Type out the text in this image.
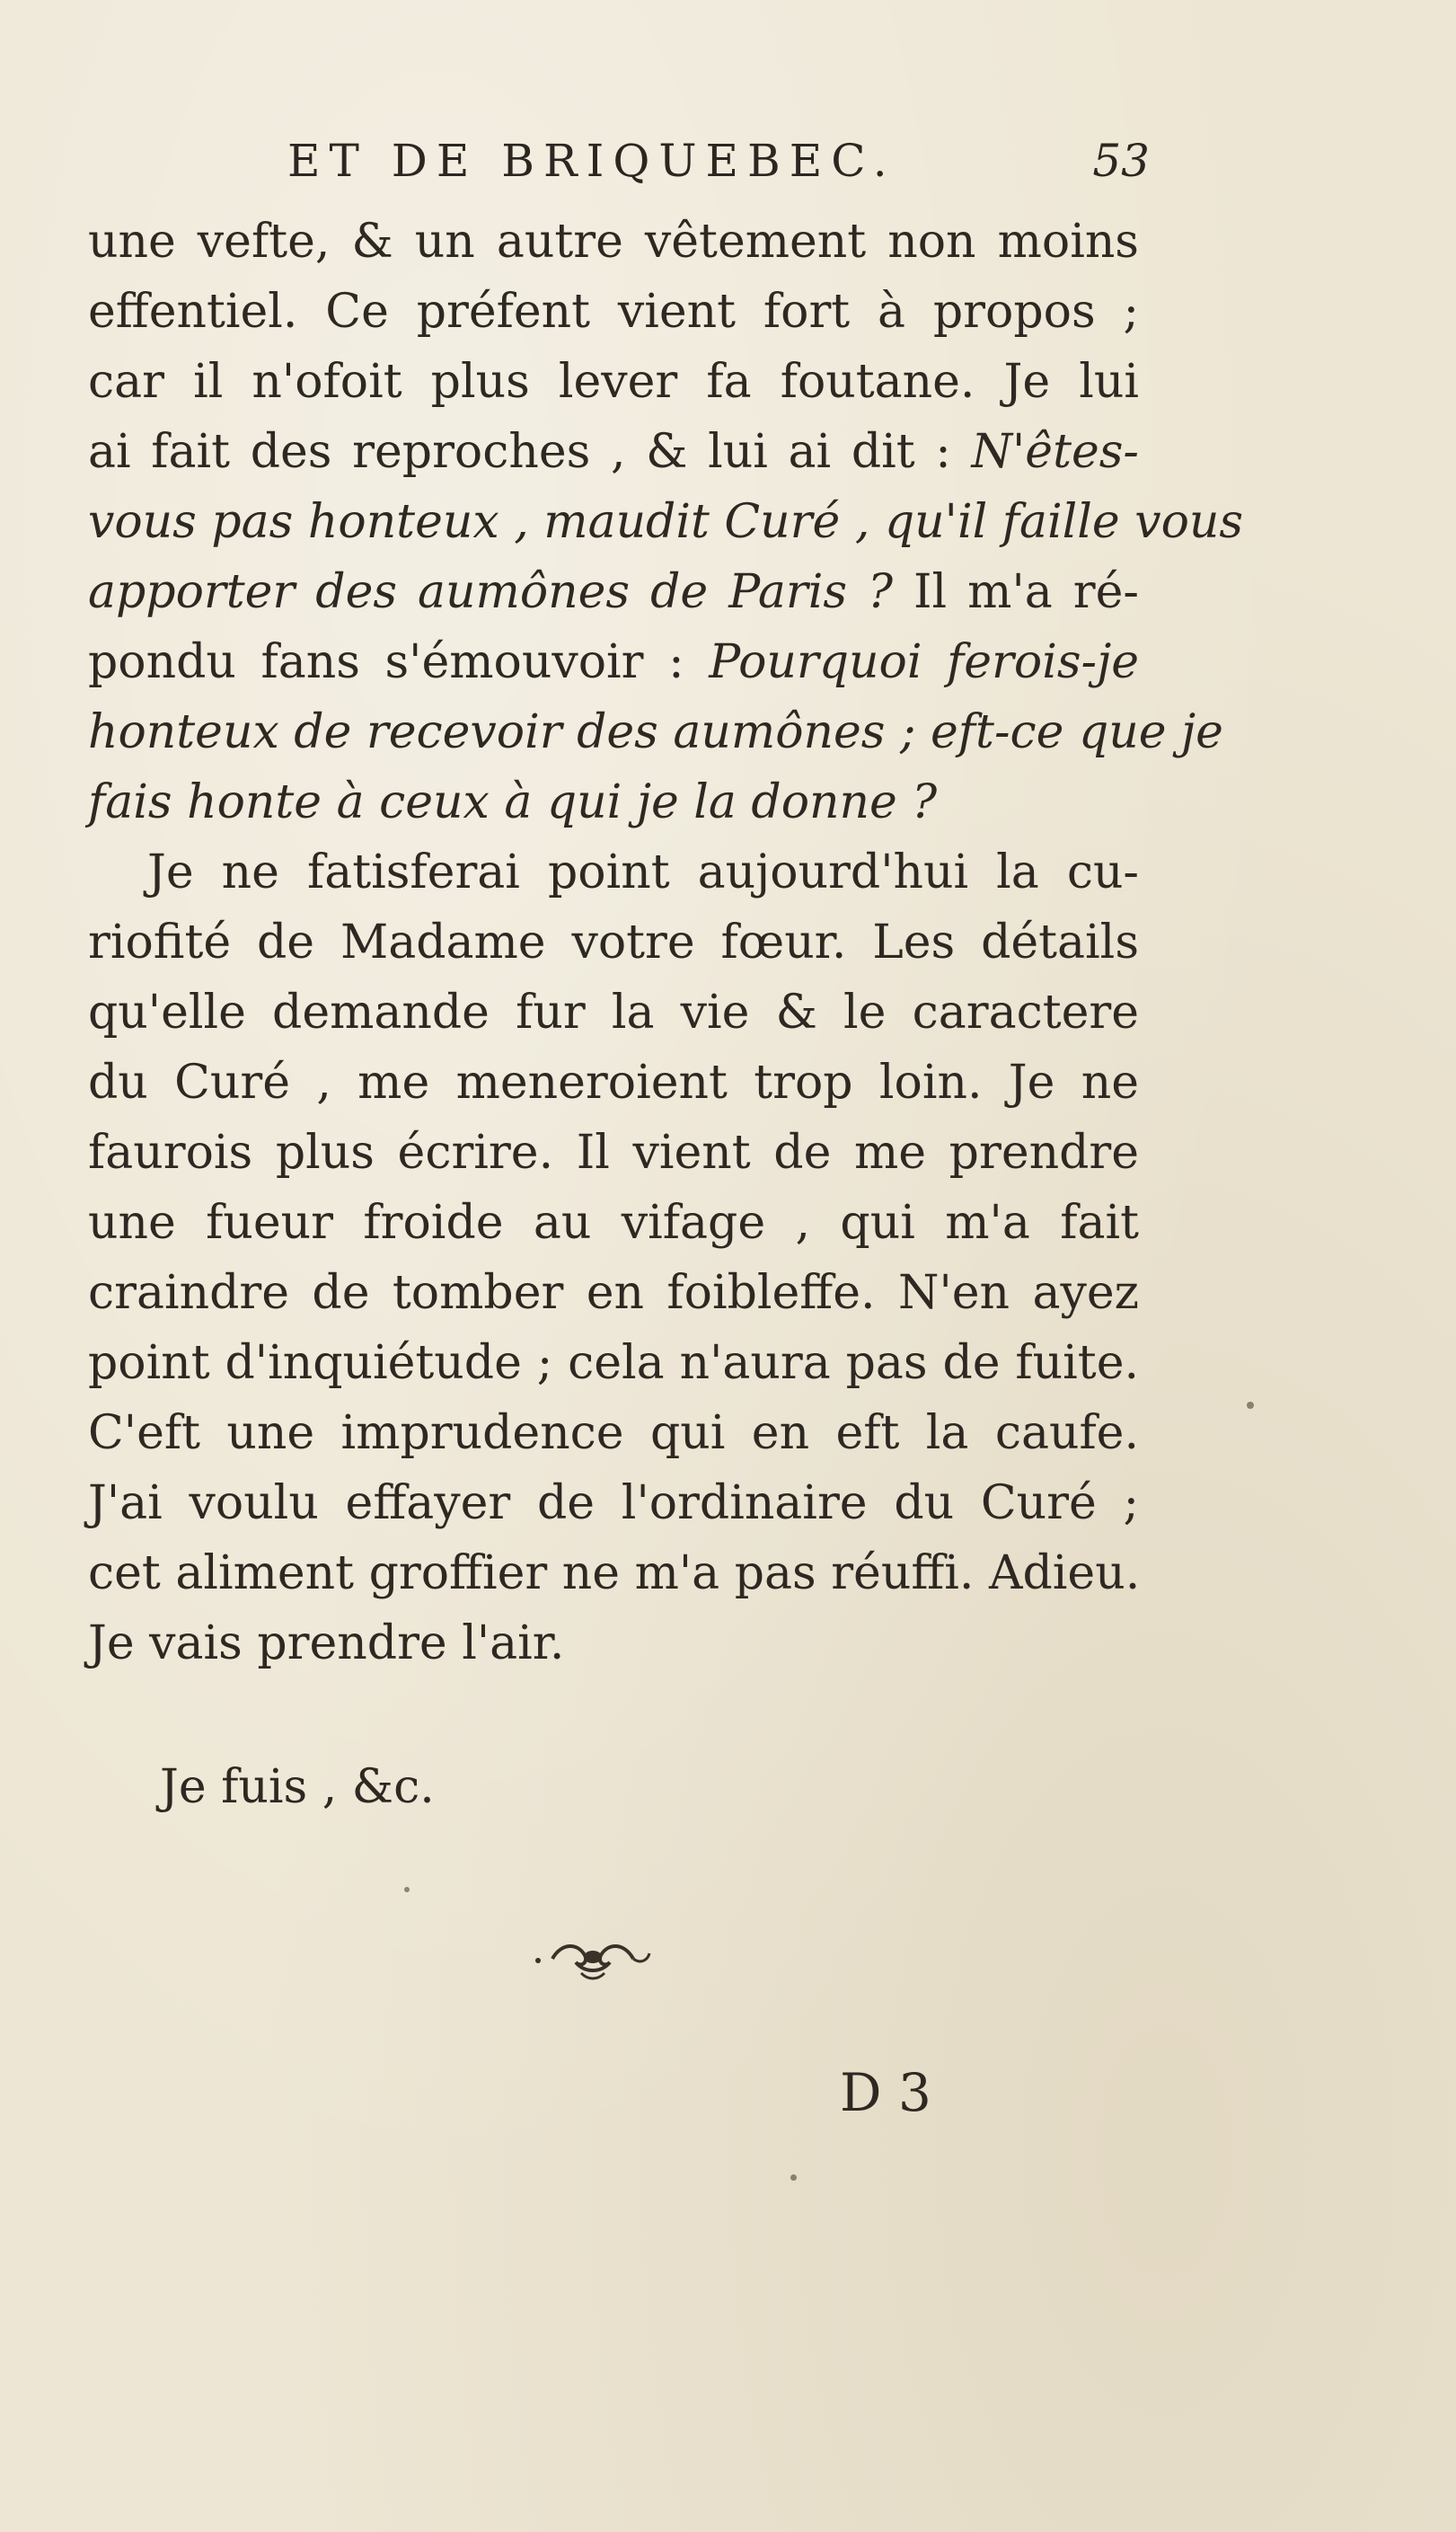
ET DE BRIQUEBEC.	53
une vefte, & un autre vêtement non moins
effentiel. Ce préfent vient fort à propos ;
car il n'ofoit plus lever fa foutane. Je lui
ai fait des reproches , & lui ai dit : N'êtes-
vous pas honteux , maudit Curé , qu'il faille vous
apporter des aumônes de Paris ? Il m'a ré-
pondu fans s'émouvoir : Pourquoi ferois-je
honteux de recevoir des aumônes ; eft-ce que je
fais honte à ceux à qui je la donne ?
Je ne fatisferai point aujourd'hui la cu-
riofité de Madame votre fœur. Les détails
qu'elle demande fur la vie & le caractere
du Curé , me meneroient trop loin. Je ne
faurois plus écrire. Il vient de me prendre
une fueur froide au vifage , qui m'a fait
craindre de tomber en foibleffe. N'en ayez
point d'inquiétude ; cela n'aura pas de fuite.
C'eft une imprudence qui en eft la caufe.
J'ai voulu effayer de l'ordinaire du Curé ;
cet aliment groffier ne m'a pas réuffi. Adieu.
Je vais prendre l'air.
Je fuis , &c.
D 3
